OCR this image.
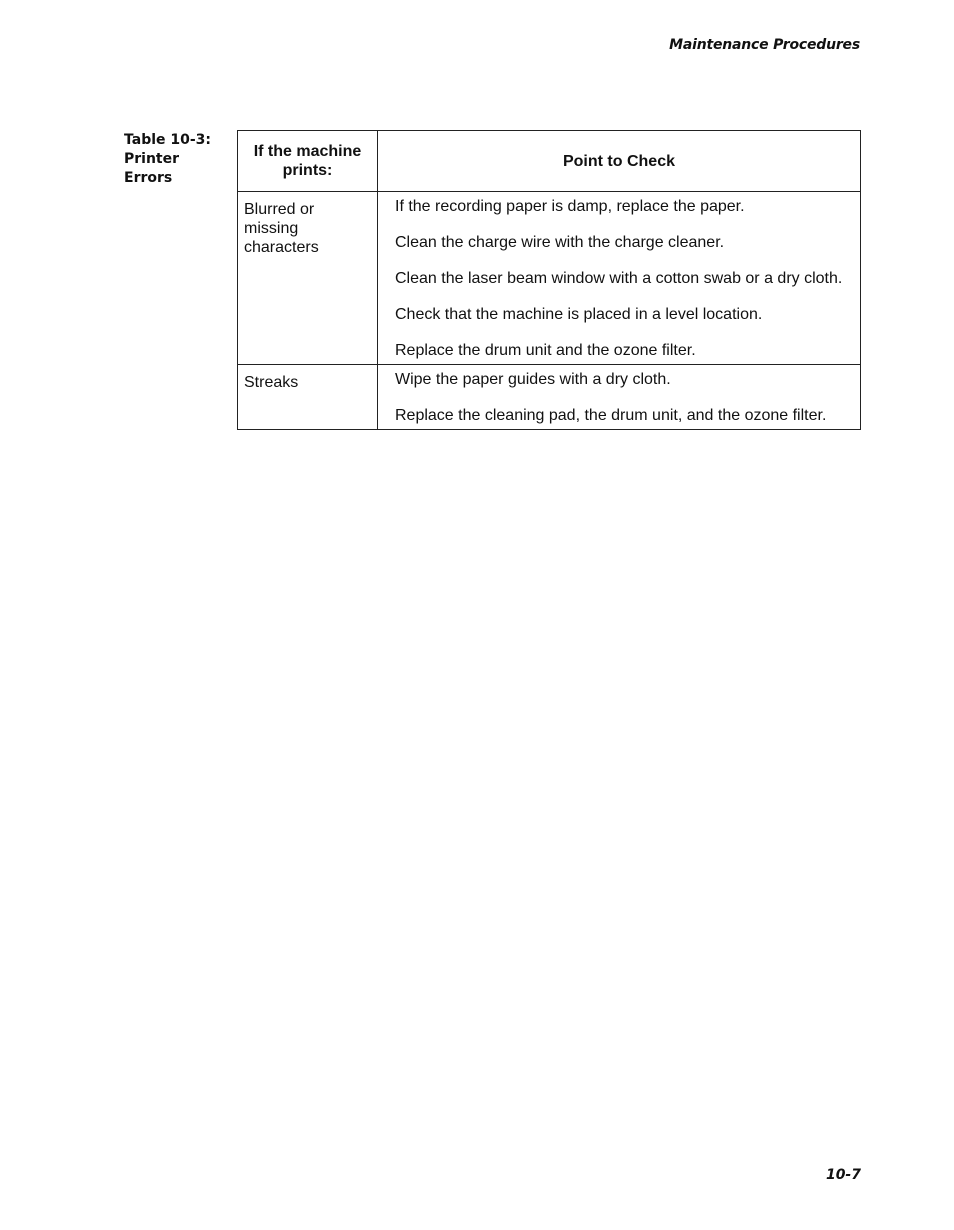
Maintenance Procedures
Table 10-3:
Printer
Errors
If the machine prints:	Point to Check
Blurred or missing characters	If the recording paper is damp, replace the paper.
Clean the charge wire with the charge cleaner.
Clean the laser beam window with a cotton swab or a dry cloth.
Check that the machine is placed in a level location.
Replace the drum unit and the ozone filter.

Streaks	Wipe the paper guides with a dry cloth.
Replace the cleaning pad, the drum unit, and the ozone filter.
10-7
